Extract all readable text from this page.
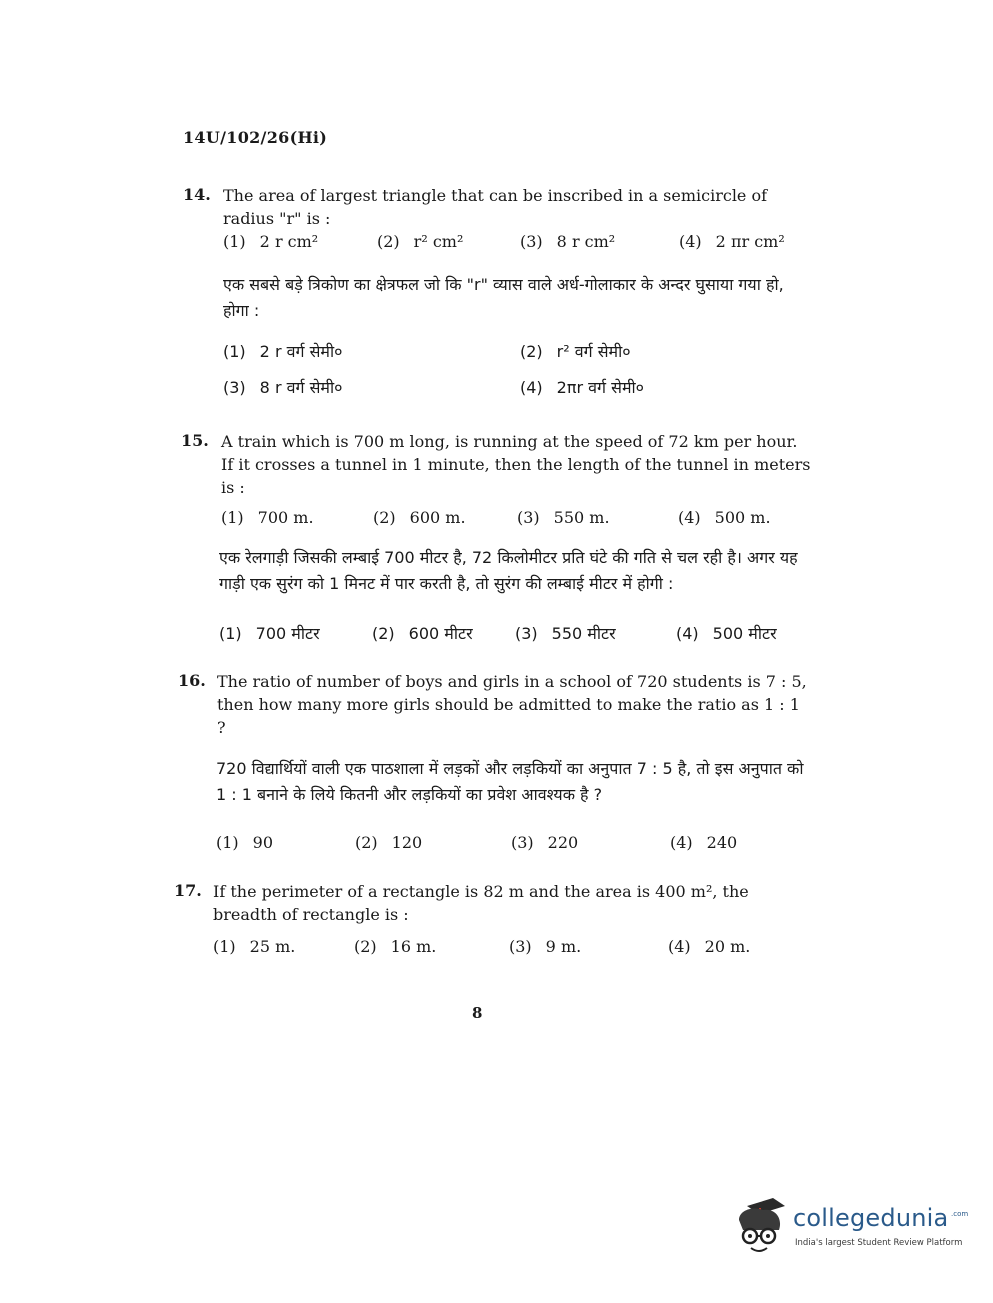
14U/102/26(Hi)
14. The area of largest triangle that can be inscribed in a semicircle of radius "r" is :
(1) 2 r cm²	(2) r² cm²	(3) 8 r cm²	(4) 2 πr cm²
एक सबसे बड़े त्रिकोण का क्षेत्रफल जो कि "r" व्यास वाले अर्ध-गोलाकार के अन्दर घुसाया गया हो, होगा :
(1) 2 r वर्ग सेमी०	(2) r² वर्ग सेमी०
(3) 8 r वर्ग सेमी०	(4) 2πr वर्ग सेमी०
15. A train which is 700 m long, is running at the speed of 72 km per hour. If it crosses a tunnel in 1 minute, then the length of the tunnel in meters is :
(1) 700 m.	(2) 600 m.	(3) 550 m.	(4) 500 m.
एक रेलगाड़ी जिसकी लम्बाई 700 मीटर है, 72 किलोमीटर प्रति घंटे की गति से चल रही है। अगर यह गाड़ी एक सुरंग को 1 मिनट में पार करती है, तो सुरंग की लम्बाई मीटर में होगी :
(1) 700 मीटर	(2) 600 मीटर	(3) 550 मीटर	(4) 500 मीटर
16. The ratio of number of boys and girls in a school of 720 students is 7 : 5, then how many more girls should be admitted to make the ratio as 1 : 1 ?
720 विद्यार्थियों वाली एक पाठशाला में लड़कों और लड़कियों का अनुपात 7 : 5 है, तो इस अनुपात को 1 : 1 बनाने के लिये कितनी और लड़कियों का प्रवेश आवश्यक है ?
(1) 90	(2) 120	(3) 220	(4) 240
17. If the perimeter of a rectangle is 82 m and the area is 400 m², the breadth of rectangle is :
(1) 25 m.	(2) 16 m.	(3) 9 m.	(4) 20 m.
8
collegedunia .com
India's largest Student Review Platform
